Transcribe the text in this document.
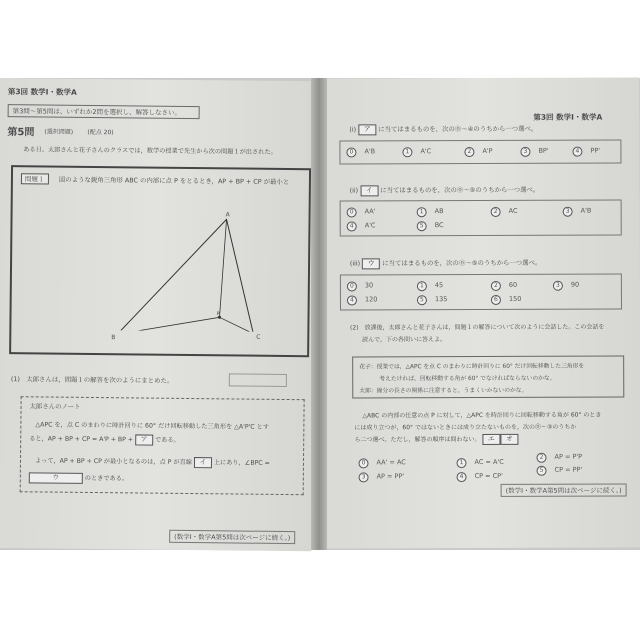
第3回 数学Ⅰ・数学A
第3問〜第5問は、いずれか2問を選択し、解答しなさい。
第5問 (選択問題) (配点 20)
ある日、太郎さんと花子さんのクラスでは，数学の授業で先生から次の問題１が出された。
問題１	図のような鋭角三角形 ABC の内部に点 P をとるとき，AP + BP + CP が最小と
A
B	C
P
(1)　太郎さんは，問題１の解答を次のようにまとめた。
太郎さんのノート
△APC を，点 C のまわりに時計回りに 60° だけ回転移動した三角形を △A'P'C とす
ると，AP + BP + CP = A'P + BP + ア である。
よって，AP + BP + CP が最小となるのは，点 P が直線 イ 上にあり，∠BPC =
ウ	のときである。
(数学Ⅰ・数学A第5問は次ページに続く。)
第3回 数学Ⅰ・数学A
(i) ア に当てはまるものを，次の⓪〜④のうちから一つ選べ。
0 A'B	1 A'C	2 A'P	3 BP'	4 PP'
(ii) イ に当てはまるものを，次の⓪〜⑤のうちから一つ選べ。
0 AA'	1 AB	2 AC	3 A'B
4 A'C	5 BC
(iii) ウ に当てはまるものを，次の⓪〜⑤のうちから一つ選べ。
0 30	1 45	2 60	3 90
4 120	5 135	6 150
(2)　放課後，太郎さんと花子さんは，問題１の解答について次のように会話した。この会話を
読んで，下の各問いに答えよ。
花子：授業では，△APC を点 C のまわりに時計回りに 60° だけ回転移動した三角形を
考えたければ，回転移動する角が 60° でなければならないのかな。
太郎：線分の長さの関係に注意すると，うまくいかないのかな。
△ABC の内部の任意の点 P に対して，△APC を時計回りに回転移動する角が 60° のとき
には成り立つが，60° ではないときには成り立たないものを，次の⓪〜③のうちか
ら二つ選べ。ただし，解答の順序は問わない。 エ オ
0 AA' = AC	1 AC = A'C
2 AP = P'P
3 AP = PP'	4 CP = CP'
5 CP = PP'
(数学Ⅰ・数学A第5問は次ページに続く。)
